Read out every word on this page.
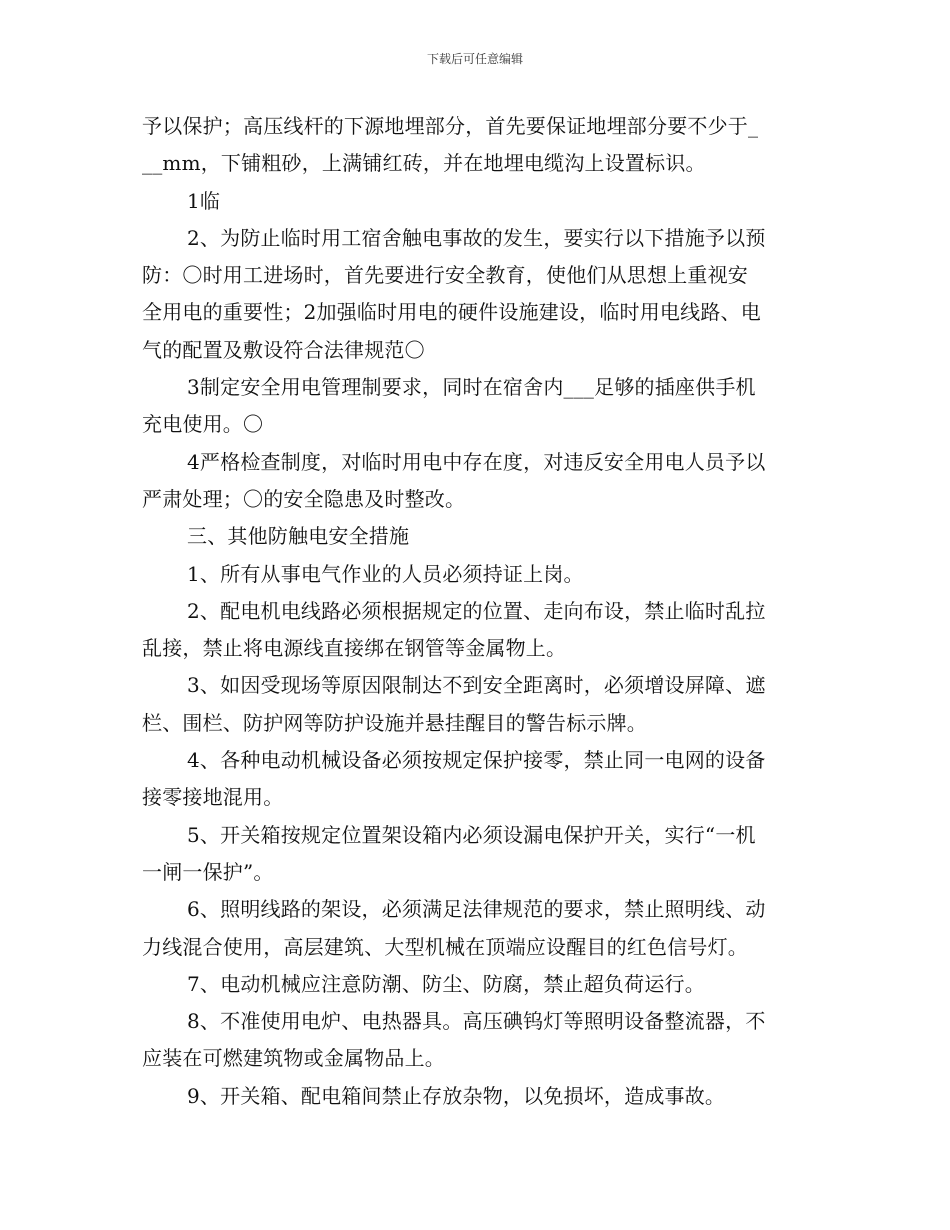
下载后可任意编辑
予以保护；高压线杆的下源地埋部分，首先要保证地埋部分要不少于_
__mm，下铺粗砂，上满铺红砖，并在地埋电缆沟上设置标识。
1临
2、为防止临时用工宿舍触电事故的发生，要实行以下措施予以预
防：〇时用工进场时，首先要进行安全教育，使他们从思想上重视安
全用电的重要性；2加强临时用电的硬件设施建设，临时用电线路、电
气的配置及敷设符合法律规范〇
3制定安全用电管理制要求，同时在宿舍内___足够的插座供手机
充电使用。〇
4严格检查制度，对临时用电中存在度，对违反安全用电人员予以
严肃处理；〇的安全隐患及时整改。
三、其他防触电安全措施
1、所有从事电气作业的人员必须持证上岗。
2、配电机电线路必须根据规定的位置、走向布设，禁止临时乱拉
乱接，禁止将电源线直接绑在钢管等金属物上。
3、如因受现场等原因限制达不到安全距离时，必须增设屏障、遮
栏、围栏、防护网等防护设施并悬挂醒目的警告标示牌。
4、各种电动机械设备必须按规定保护接零，禁止同一电网的设备
接零接地混用。
5、开关箱按规定位置架设箱内必须设漏电保护开关，实行“一机
一闸一保护”。
6、照明线路的架设，必须满足法律规范的要求，禁止照明线、动
力线混合使用，高层建筑、大型机械在顶端应设醒目的红色信号灯。
7、电动机械应注意防潮、防尘、防腐，禁止超负荷运行。
8、不准使用电炉、电热器具。高压碘钨灯等照明设备整流器，不
应装在可燃建筑物或金属物品上。
9、开关箱、配电箱间禁止存放杂物，以免损坏，造成事故。
